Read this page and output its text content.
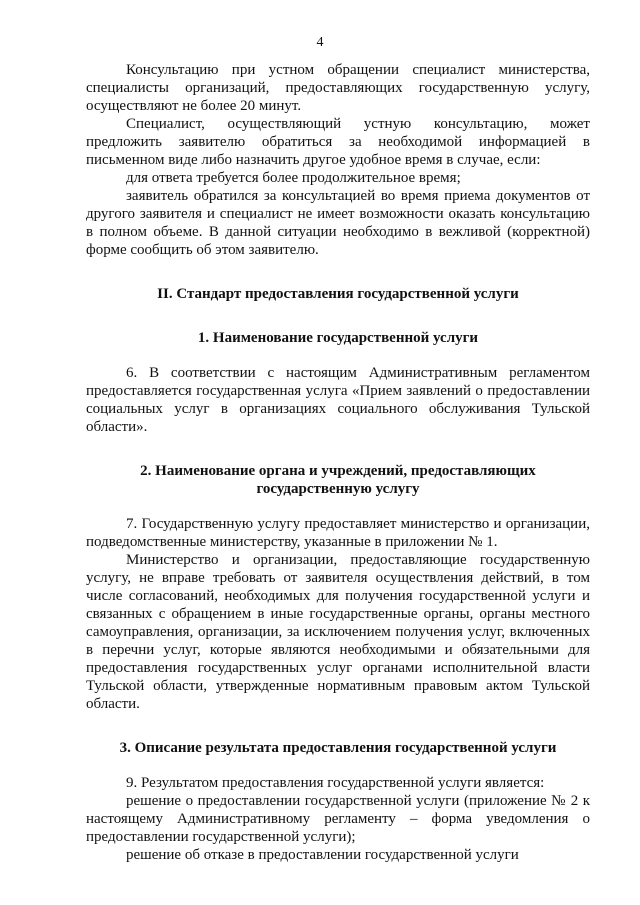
4

Консультацию при устном обращении специалист министерства, специалисты организаций, предоставляющих государственную услугу, осуществляют не более 20 минут.

Специалист, осуществляющий устную консультацию, может предложить заявителю обратиться за необходимой информацией в письменном виде либо назначить другое удобное время в случае, если:

для ответа требуется более продолжительное время;

заявитель обратился за консультацией во время приема документов от другого заявителя и специалист не имеет возможности оказать консультацию в полном объеме. В данной ситуации необходимо в вежливой (корректной) форме сообщить об этом заявителю.

II. Стандарт предоставления государственной услуги
1. Наименование государственной услуги

6. В соответствии с настоящим Административным регламентом предоставляется государственная услуга «Прием заявлений о предоставлении социальных услуг в организациях социального обслуживания Тульской области».

2. Наименование органа и учреждений, предоставляющих
государственную услугу

7. Государственную услугу предоставляет министерство и организации, подведомственные министерству, указанные в приложении № 1.

Министерство и организации, предоставляющие государственную услугу, не вправе требовать от заявителя осуществления действий, в том числе согласований, необходимых для получения государственной услуги и связанных с обращением в иные государственные органы, органы местного самоуправления, организации, за исключением получения услуг, включенных в перечни услуг, которые являются необходимыми и обязательными для предоставления государственных услуг органами исполнительной власти Тульской области, утвержденные нормативным правовым актом Тульской области.

3. Описание результата предоставления государственной услуги

9. Результатом предоставления государственной услуги является:

решение о предоставлении государственной услуги (приложение № 2 к настоящему Административному регламенту – форма уведомления о предоставлении государственной услуги);

решение об отказе в предоставлении государственной услуги
